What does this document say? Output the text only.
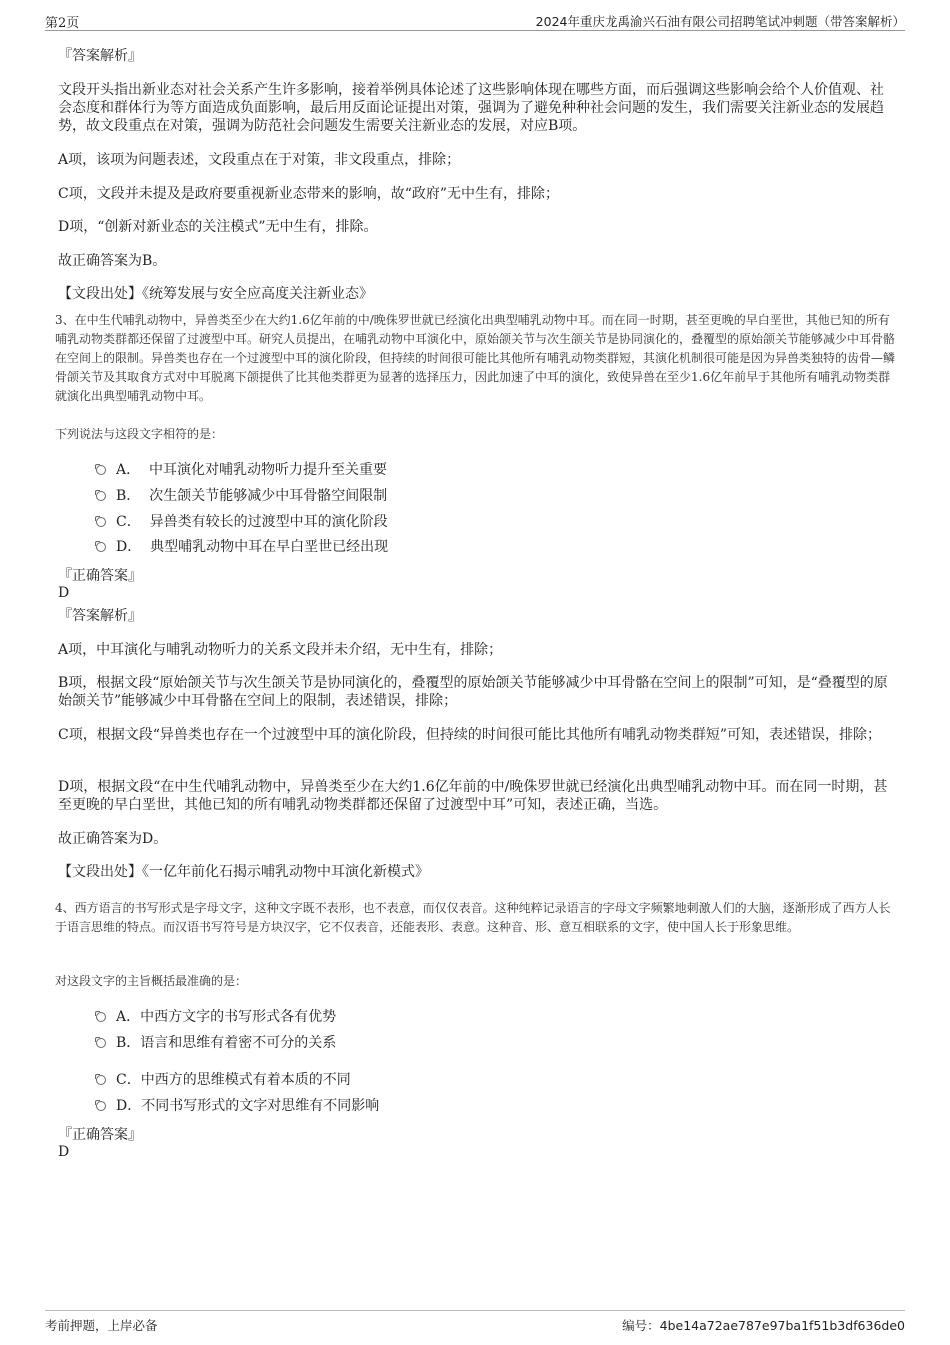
第2页	2024年重庆龙禹渝兴石油有限公司招聘笔试冲刺题（带答案解析）

『答案解析』

文段开头指出新业态对社会关系产生许多影响，接着举例具体论述了这些影响体现在哪些方面，而后强调这些影响会给个人价值观、社会态度和群体行为等方面造成负面影响，最后用反面论证提出对策，强调为了避免种种社会问题的发生，我们需要关注新业态的发展趋势，故文段重点在对策，强调为防范社会问题发生需要关注新业态的发展，对应B项。

A项，该项为问题表述，文段重点在于对策，非文段重点，排除；

C项，文段并未提及是政府要重视新业态带来的影响，故“政府”无中生有，排除；

D项，“创新对新业态的关注模式”无中生有，排除。

故正确答案为B。

【文段出处】《统筹发展与安全应高度关注新业态》

3、在中生代哺乳动物中，异兽类至少在大约1.6亿年前的中/晚侏罗世就已经演化出典型哺乳动物中耳。而在同一时期，甚至更晚的早白垩世，其他已知的所有哺乳动物类群都还保留了过渡型中耳。研究人员提出，在哺乳动物中耳演化中，原始颌关节与次生颌关节是协同演化的，叠覆型的原始颌关节能够减少中耳骨骼在空间上的限制。异兽类也存在一个过渡型中耳的演化阶段，但持续的时间很可能比其他所有哺乳动物类群短，其演化机制很可能是因为异兽类独特的齿骨—鳞骨颌关节及其取食方式对中耳脱离下颌提供了比其他类群更为显著的选择压力，因此加速了中耳的演化，致使异兽在至少1.6亿年前早于其他所有哺乳动物类群就演化出典型哺乳动物中耳。

下列说法与这段文字相符的是：

A． 中耳演化对哺乳动物听力提升至关重要
B． 次生颌关节能够减少中耳骨骼空间限制
C． 异兽类有较长的过渡型中耳的演化阶段
D． 典型哺乳动物中耳在早白垩世已经出现

『正确答案』

D

『答案解析』

A项，中耳演化与哺乳动物听力的关系文段并未介绍，无中生有，排除；

B项，根据文段“原始颌关节与次生颌关节是协同演化的，叠覆型的原始颌关节能够减少中耳骨骼在空间上的限制”可知，是“叠覆型的原始颌关节”能够减少中耳骨骼在空间上的限制，表述错误，排除；

C项，根据文段“异兽类也存在一个过渡型中耳的演化阶段，但持续的时间很可能比其他所有哺乳动物类群短”可知，表述错误，排除；

D项，根据文段“在中生代哺乳动物中，异兽类至少在大约1.6亿年前的中/晚侏罗世就已经演化出典型哺乳动物中耳。而在同一时期，甚至更晚的早白垩世，其他已知的所有哺乳动物类群都还保留了过渡型中耳”可知，表述正确，当选。

故正确答案为D。

【文段出处】《一亿年前化石揭示哺乳动物中耳演化新模式》

4、西方语言的书写形式是字母文字，这种文字既不表形，也不表意，而仅仅表音。这种纯粹记录语言的字母文字频繁地刺激人们的大脑，逐渐形成了西方人长于语言思维的特点。而汉语书写符号是方块汉字，它不仅表音，还能表形、表意。这种音、形、意互相联系的文字，使中国人长于形象思维。

对这段文字的主旨概括最准确的是：

A．中西方文字的书写形式各有优势
B．语言和思维有着密不可分的关系
C．中西方的思维模式有着本质的不同
D．不同书写形式的文字对思维有不同影响

『正确答案』

D

考前押题，上岸必备	编号：4be14a72ae787e97ba1f51b3df636de0
